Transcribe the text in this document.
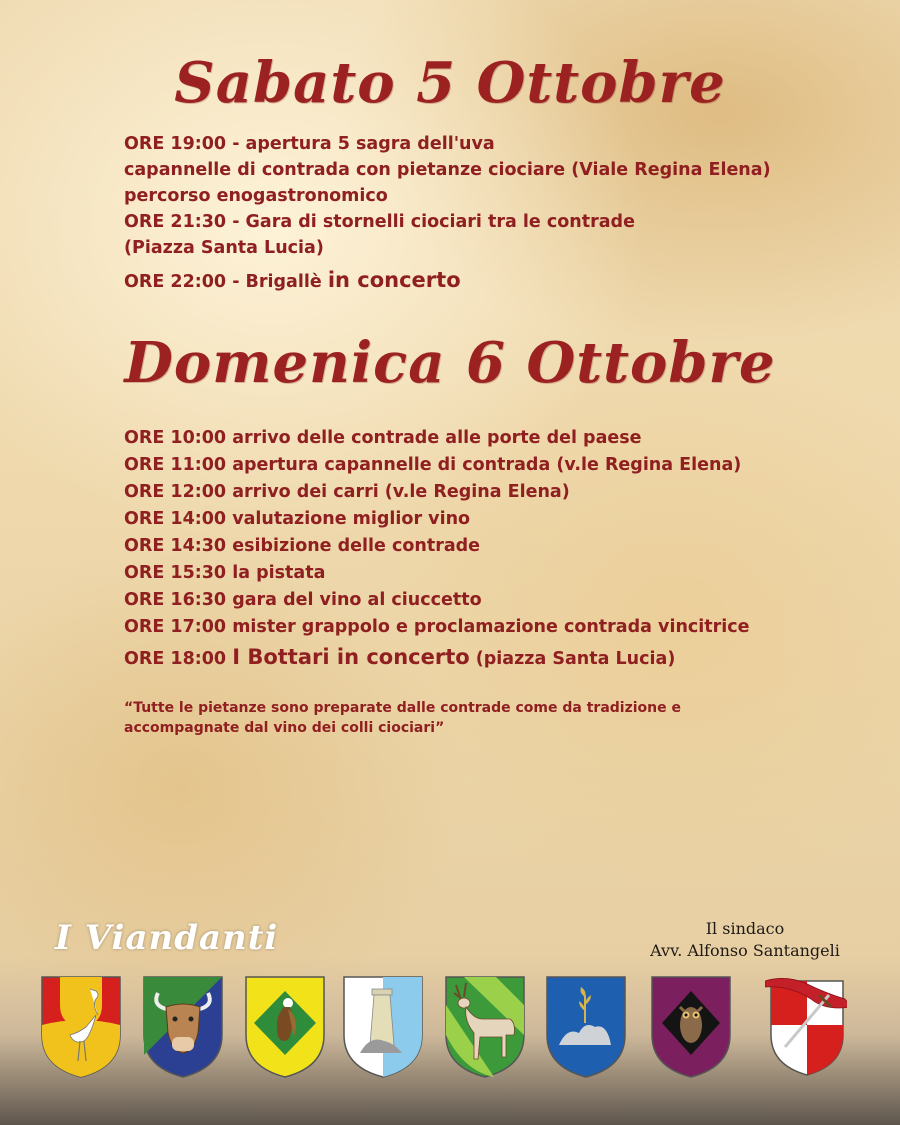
Sabato 5 Ottobre
ORE 19:00 - apertura 5 sagra dell'uva
capannelle di contrada con pietanze ciociare (Viale Regina Elena)
percorso enogastronomico
ORE 21:30 - Gara di stornelli ciociari tra le contrade
(Piazza Santa Lucia)
ORE 22:00 - Brigallè in concerto
Domenica 6 Ottobre
ORE 10:00 arrivo delle contrade alle porte del paese
ORE 11:00 apertura capannelle di contrada (v.le Regina Elena)
ORE 12:00 arrivo dei carri (v.le Regina Elena)
ORE 14:00 valutazione miglior vino
ORE 14:30 esibizione delle contrade
ORE 15:30 la pistata
ORE 16:30 gara del vino al ciuccetto
ORE 17:00 mister grappolo e proclamazione contrada vincitrice
ORE 18:00 I Bottari in concerto (piazza Santa Lucia)
“Tutte le pietanze sono preparate dalle contrade come da tradizione e accompagnate dal vino dei colli ciociari”
I Viandanti	Il sindaco
Avv. Alfonso Santangeli
